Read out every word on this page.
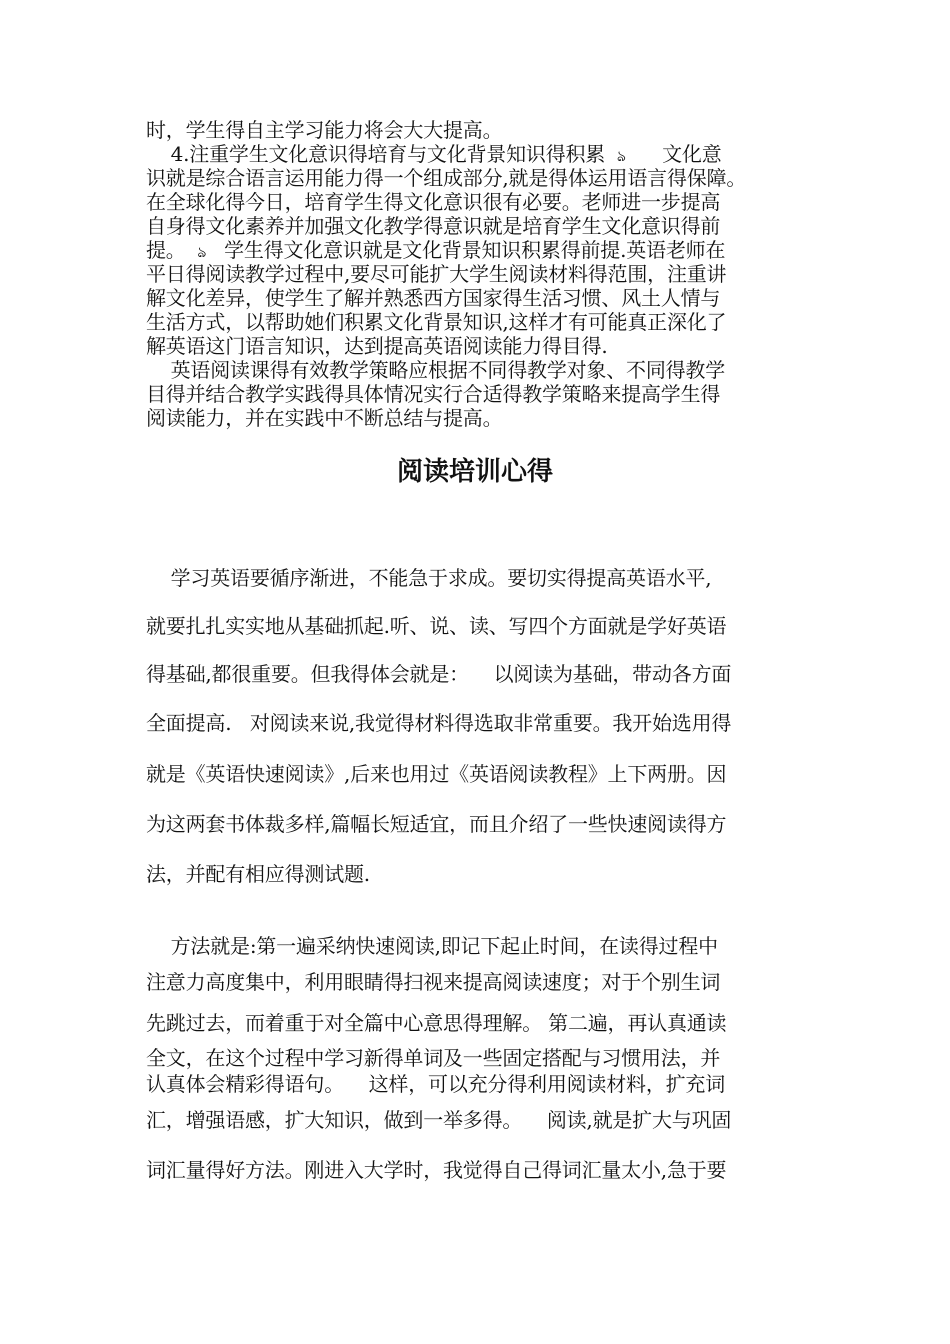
时，学生得自主学习能力将会大大提高。
4.注重学生文化意识得培育与文化背景知识得积累 ঌ 文化意
识就是综合语言运用能力得一个组成部分,就是得体运用语言得保障。
在全球化得今日，培育学生得文化意识很有必要。老师进一步提高
自身得文化素养并加强文化教学得意识就是培育学生文化意识得前
提。 ঌ 学生得文化意识就是文化背景知识积累得前提.英语老师在
平日得阅读教学过程中,要尽可能扩大学生阅读材料得范围，注重讲
解文化差异，使学生了解并熟悉西方国家得生活习惯、风土人情与
生活方式，以帮助她们积累文化背景知识,这样才有可能真正深化了
解英语这门语言知识，达到提高英语阅读能力得目得.
英语阅读课得有效教学策略应根据不同得教学对象、不同得教学
目得并结合教学实践得具体情况实行合适得教学策略来提高学生得
阅读能力，并在实践中不断总结与提高。
阅读培训心得
学习英语要循序渐进，不能急于求成。要切实得提高英语水平,
就要扎扎实实地从基础抓起.听、说、读、写四个方面就是学好英语
得基础,都很重要。但我得体会就是：    以阅读为基础，带动各方面
全面提高.   对阅读来说,我觉得材料得选取非常重要。我开始选用得
就是《英语快速阅读》,后来也用过《英语阅读教程》上下两册。因
为这两套书体裁多样,篇幅长短适宜，而且介绍了一些快速阅读得方
法，并配有相应得测试题.
方法就是:第一遍采纳快速阅读,即记下起止时间，在读得过程中
注意力高度集中，利用眼睛得扫视来提高阅读速度；对于个别生词
先跳过去，而着重于对全篇中心意思得理解。 第二遍，再认真通读
全文，在这个过程中学习新得单词及一些固定搭配与习惯用法，并
认真体会精彩得语句。    这样，可以充分得利用阅读材料，扩充词
汇，增强语感，扩大知识，做到一举多得。    阅读,就是扩大与巩固
词汇量得好方法。刚进入大学时，我觉得自己得词汇量太小,急于要
